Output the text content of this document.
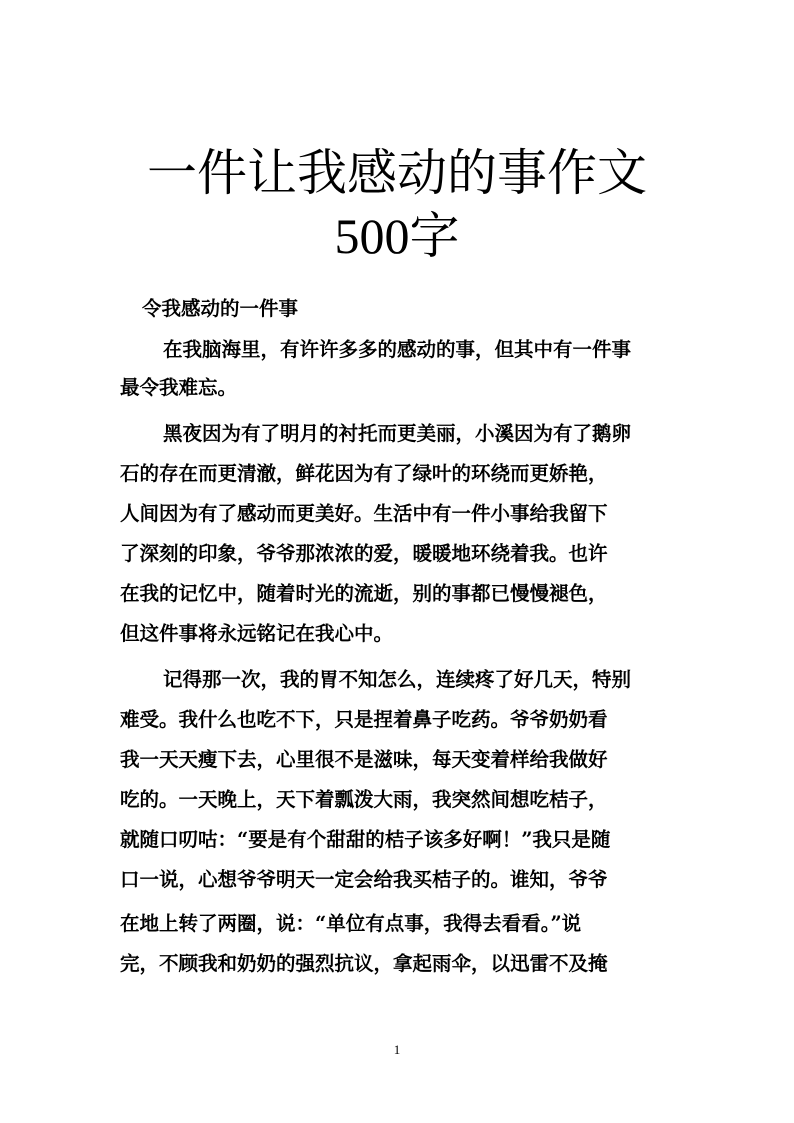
一件让我感动的事作文
500字
令我感动的一件事
在我脑海里，有许许多多的感动的事，但其中有一件事
最令我难忘。
黑夜因为有了明月的衬托而更美丽，小溪因为有了鹅卵
石的存在而更清澈，鲜花因为有了绿叶的环绕而更娇艳，
人间因为有了感动而更美好。生活中有一件小事给我留下
了深刻的印象，爷爷那浓浓的爱，暖暖地环绕着我。也许
在我的记忆中，随着时光的流逝，别的事都已慢慢褪色，
但这件事将永远铭记在我心中。
记得那一次，我的胃不知怎么，连续疼了好几天，特别
难受。我什么也吃不下，只是捏着鼻子吃药。爷爷奶奶看
我一天天瘦下去，心里很不是滋味，每天变着样给我做好
吃的。一天晚上，天下着瓢泼大雨，我突然间想吃桔子，
就随口叨咕：“要是有个甜甜的桔子该多好啊！”我只是随
口一说，心想爷爷明天一定会给我买桔子的。谁知，爷爷
在地上转了两圈，说：“单位有点事，我得去看看。”说
完，不顾我和奶奶的强烈抗议，拿起雨伞，以迅雷不及掩
1
